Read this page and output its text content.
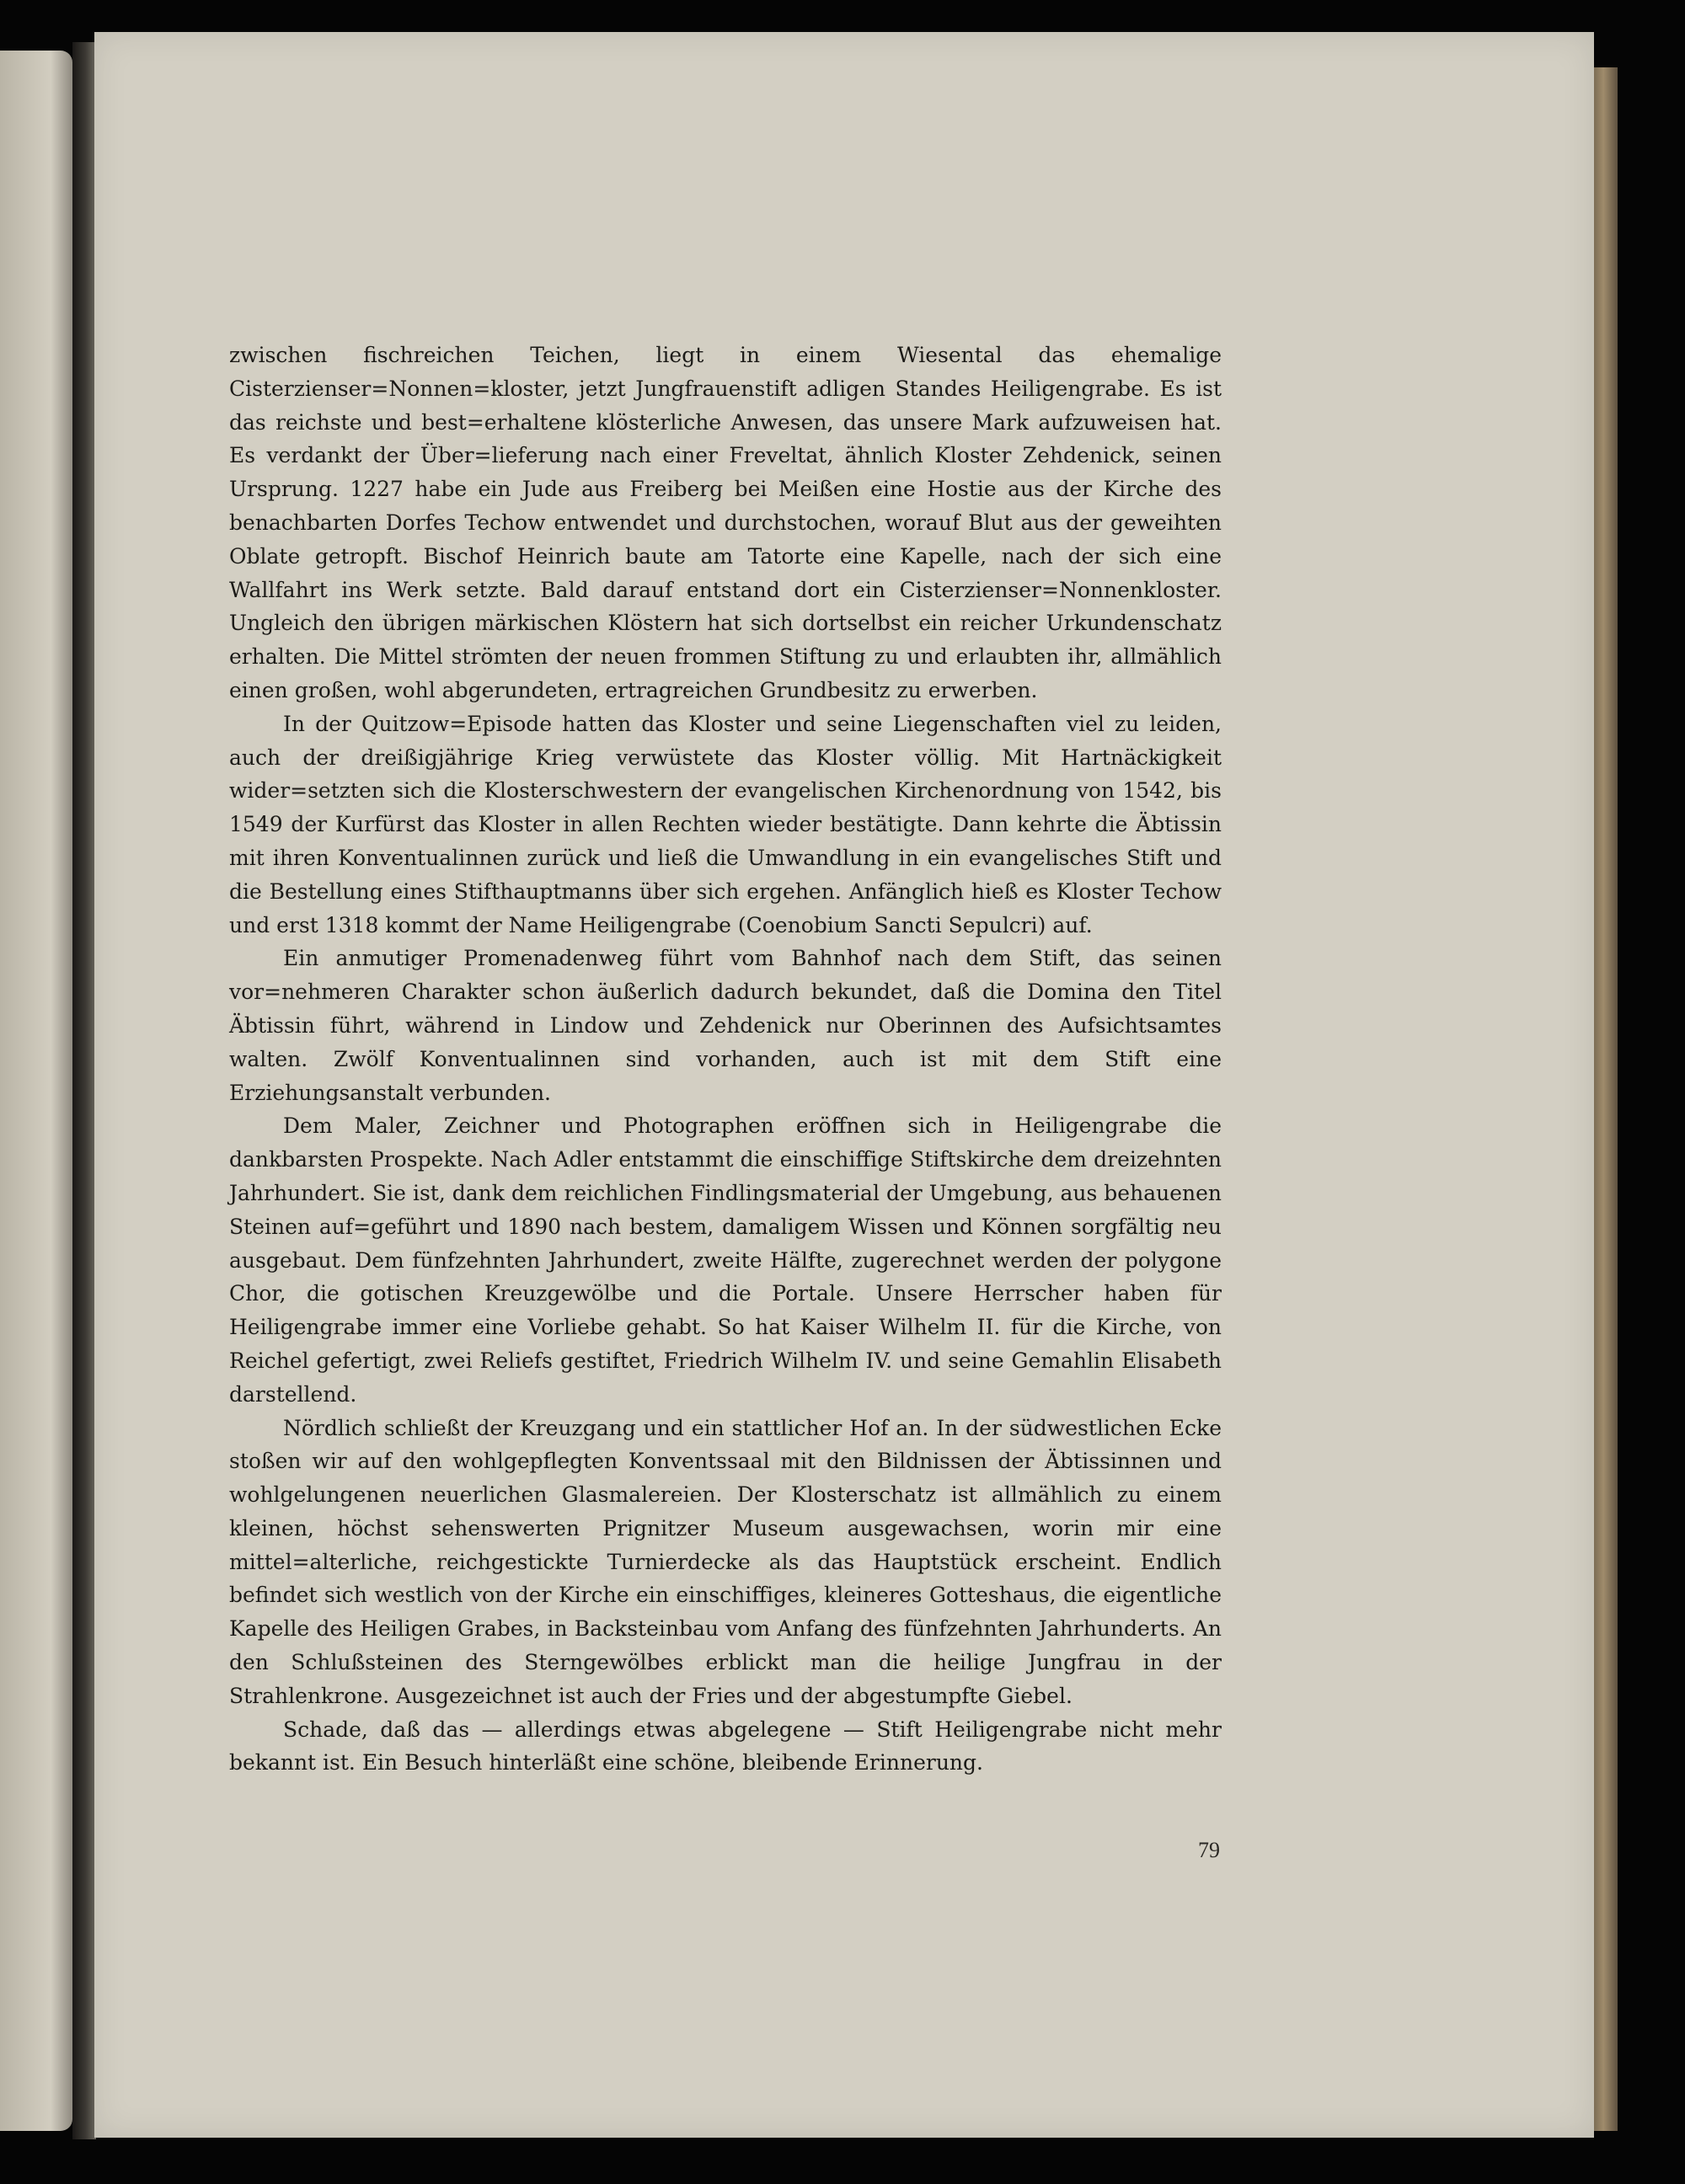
zwischen fischreichen Teichen, liegt in einem Wiesental das ehemalige Cisterzienser=Nonnen=kloster, jetzt Jungfrauenstift adligen Standes Heiligengrabe. Es ist das reichste und best=erhaltene klösterliche Anwesen, das unsere Mark aufzuweisen hat. Es verdankt der Über=lieferung nach einer Freveltat, ähnlich Kloster Zehdenick, seinen Ursprung. 1227 habe ein Jude aus Freiberg bei Meißen eine Hostie aus der Kirche des benachbarten Dorfes Techow entwendet und durchstochen, worauf Blut aus der geweihten Oblate getropft. Bischof Heinrich baute am Tatorte eine Kapelle, nach der sich eine Wallfahrt ins Werk setzte. Bald darauf entstand dort ein Cisterzienser=Nonnenkloster. Ungleich den übrigen märkischen Klöstern hat sich dortselbst ein reicher Urkundenschatz erhalten. Die Mittel strömten der neuen frommen Stiftung zu und erlaubten ihr, allmählich einen großen, wohl abgerundeten, ertragreichen Grundbesitz zu erwerben.

In der Quitzow=Episode hatten das Kloster und seine Liegenschaften viel zu leiden, auch der dreißigjährige Krieg verwüstete das Kloster völlig. Mit Hartnäckigkeit wider=setzten sich die Klosterschwestern der evangelischen Kirchenordnung von 1542, bis 1549 der Kurfürst das Kloster in allen Rechten wieder bestätigte. Dann kehrte die Äbtissin mit ihren Konventualinnen zurück und ließ die Umwandlung in ein evangelisches Stift und die Bestellung eines Stifthauptmanns über sich ergehen. Anfänglich hieß es Kloster Techow und erst 1318 kommt der Name Heiligengrabe (Coenobium Sancti Sepulcri) auf.

Ein anmutiger Promenadenweg führt vom Bahnhof nach dem Stift, das seinen vor=nehmeren Charakter schon äußerlich dadurch bekundet, daß die Domina den Titel Äbtissin führt, während in Lindow und Zehdenick nur Oberinnen des Aufsichtsamtes walten. Zwölf Konventualinnen sind vorhanden, auch ist mit dem Stift eine Erziehungsanstalt verbunden.

Dem Maler, Zeichner und Photographen eröffnen sich in Heiligengrabe die dankbarsten Prospekte. Nach Adler entstammt die einschiffige Stiftskirche dem dreizehnten Jahrhundert. Sie ist, dank dem reichlichen Findlingsmaterial der Umgebung, aus behauenen Steinen auf=geführt und 1890 nach bestem, damaligem Wissen und Können sorgfältig neu ausgebaut. Dem fünfzehnten Jahrhundert, zweite Hälfte, zugerechnet werden der polygone Chor, die gotischen Kreuzgewölbe und die Portale. Unsere Herrscher haben für Heiligengrabe immer eine Vorliebe gehabt. So hat Kaiser Wilhelm II. für die Kirche, von Reichel gefertigt, zwei Reliefs gestiftet, Friedrich Wilhelm IV. und seine Gemahlin Elisabeth darstellend.

Nördlich schließt der Kreuzgang und ein stattlicher Hof an. In der südwestlichen Ecke stoßen wir auf den wohlgepflegten Konventssaal mit den Bildnissen der Äbtissinnen und wohlgelungenen neuerlichen Glasmalereien. Der Klosterschatz ist allmählich zu einem kleinen, höchst sehenswerten Prignitzer Museum ausgewachsen, worin mir eine mittel=alterliche, reichgestickte Turnierdecke als das Hauptstück erscheint. Endlich befindet sich westlich von der Kirche ein einschiffiges, kleineres Gotteshaus, die eigentliche Kapelle des Heiligen Grabes, in Backsteinbau vom Anfang des fünfzehnten Jahrhunderts. An den Schlußsteinen des Sterngewölbes erblickt man die heilige Jungfrau in der Strahlenkrone. Ausgezeichnet ist auch der Fries und der abgestumpfte Giebel.

Schade, daß das — allerdings etwas abgelegene — Stift Heiligengrabe nicht mehr bekannt ist. Ein Besuch hinterläßt eine schöne, bleibende Erinnerung.

79
